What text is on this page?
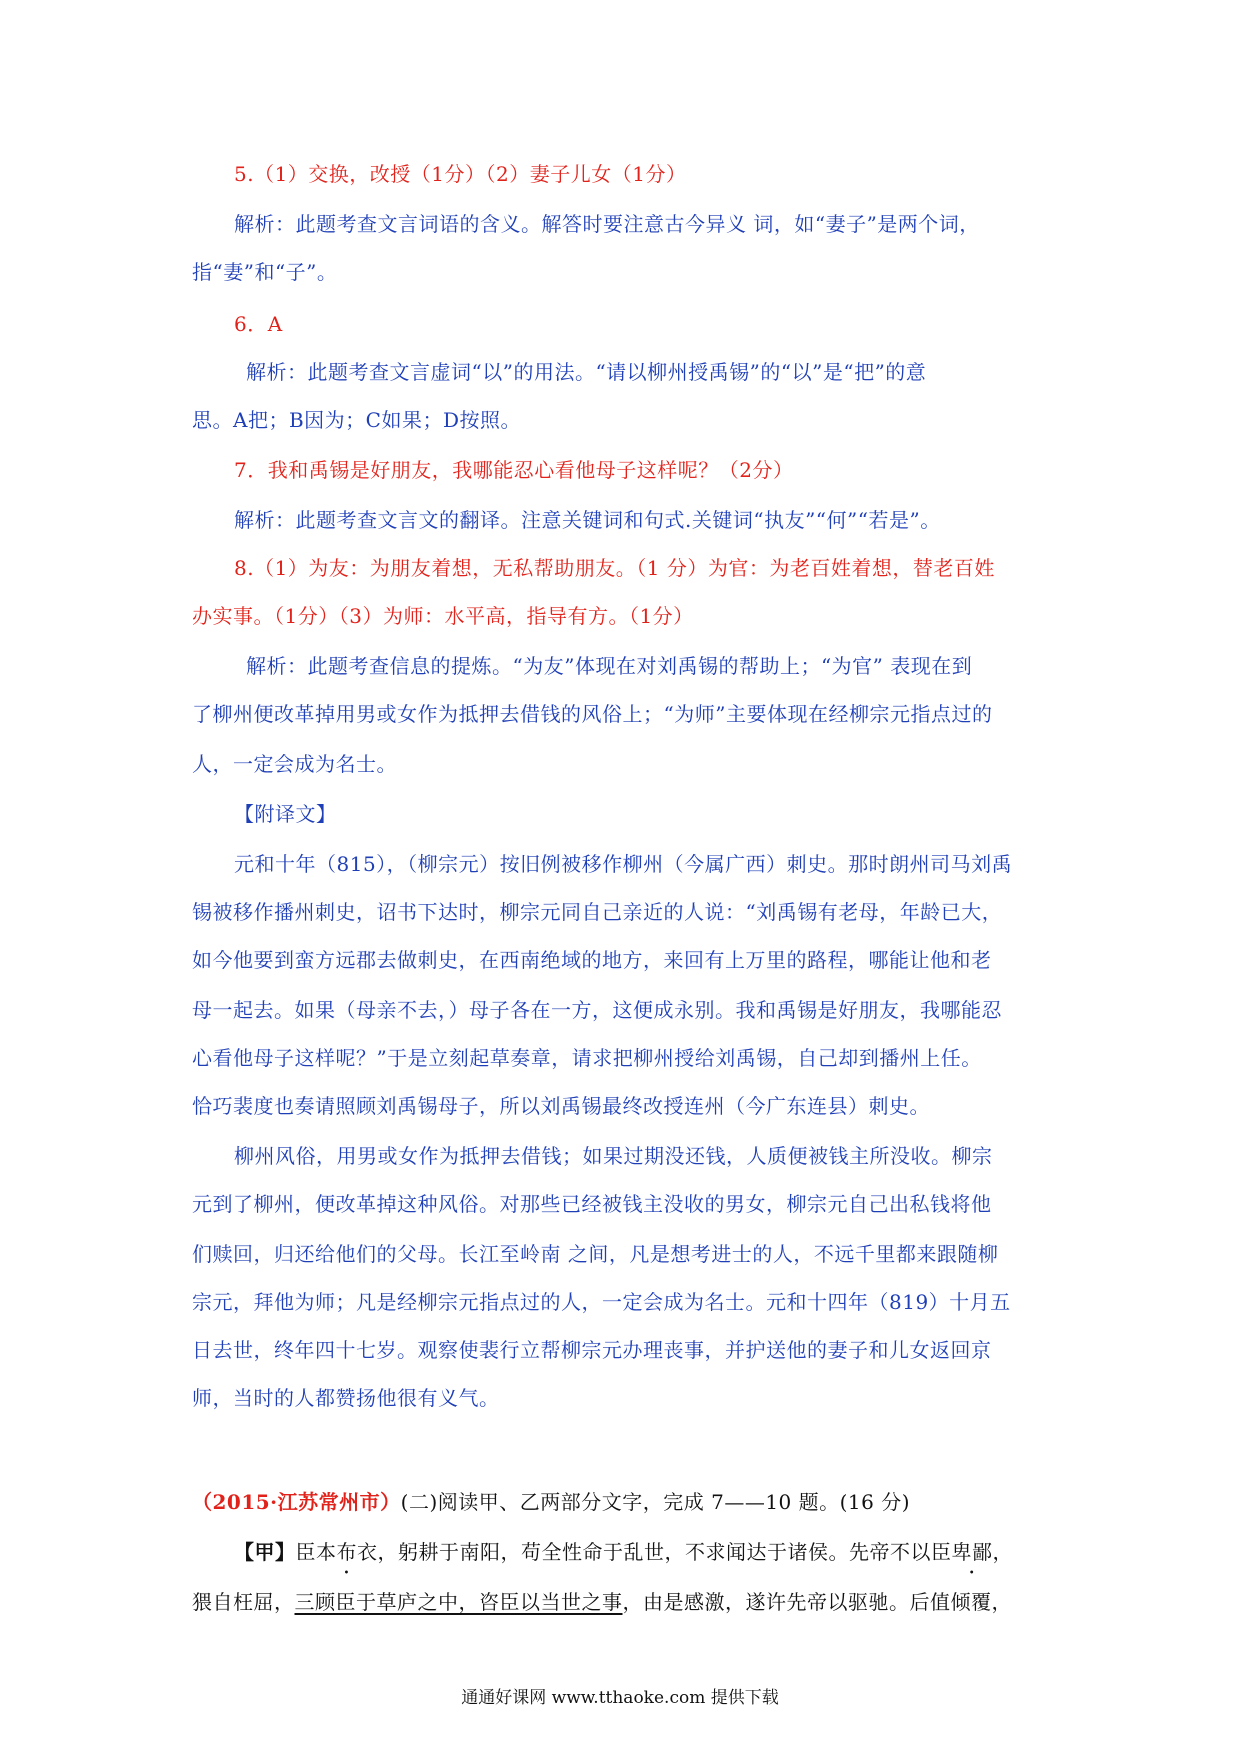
5.（1）交换，改授（1分）（2）妻子儿女（1分）
解析：此题考查文言词语的含义。解答时要注意古今异义 词，如“妻子”是两个词，
指“妻”和“子”。
6．A
解析：此题考查文言虚词“以”的用法。“请以柳州授禹锡”的“以”是“把”的意
思。A把；B因为；C如果；D按照。
7．我和禹锡是好朋友，我哪能忍心看他母子这样呢？（2分）
解析：此题考查文言文的翻译。注意关键词和句式.关键词“执友”“何”“若是”。
8.（1）为友：为朋友着想，无私帮助朋友。（1 分）为官：为老百姓着想，替老百姓
办实事。（1分）（3）为师：水平高，指导有方。（1分）
解析：此题考查信息的提炼。“为友”体现在对刘禹锡的帮助上；“为官” 表现在到
了柳州便改革掉用男或女作为抵押去借钱的风俗上；“为师”主要体现在经柳宗元指点过的
人，一定会成为名士。
【附译文】
元和十年（815），（柳宗元）按旧例被移作柳州（今属广西）刺史。那时朗州司马刘禹
锡被移作播州刺史，诏书下达时，柳宗元同自己亲近的人说：“刘禹锡有老母，年龄已大，
如今他要到蛮方远郡去做刺史，在西南绝域的地方，来回有上万里的路程，哪能让他和老
母一起去。如果（母亲不去，）母子各在一方，这便成永别。我和禹锡是好朋友，我哪能忍
心看他母子这样呢？”于是立刻起草奏章，请求把柳州授给刘禹锡，自己却到播州上任。
恰巧裴度也奏请照顾刘禹锡母子，所以刘禹锡最终改授连州（今广东连县）刺史。
柳州风俗，用男或女作为抵押去借钱；如果过期没还钱，人质便被钱主所没收。柳宗
元到了柳州，便改革掉这种风俗。对那些已经被钱主没收的男女，柳宗元自己出私钱将他
们赎回，归还给他们的父母。长江至岭南 之间，凡是想考进士的人，不远千里都来跟随柳
宗元，拜他为师；凡是经柳宗元指点过的人，一定会成为名士。元和十四年（819）十月五
日去世，终年四十七岁。观察使裴行立帮柳宗元办理丧事，并护送他的妻子和儿女返回京
师，当时的人都赞扬他很有义气。
（2015·江苏常州市）(二)阅读甲、乙两部分文字，完成 7——10 题。(16 分)
【甲】臣本布衣，躬耕于南阳，苟全性命于乱世，不求闻达于诸侯。先帝不以臣卑鄙，
猥自枉屈，三顾臣于草庐之中，咨臣以当世之事，由是感激，遂许先帝以驱驰。后值倾覆，
通通好课网 www.tthaoke.com 提供下载
